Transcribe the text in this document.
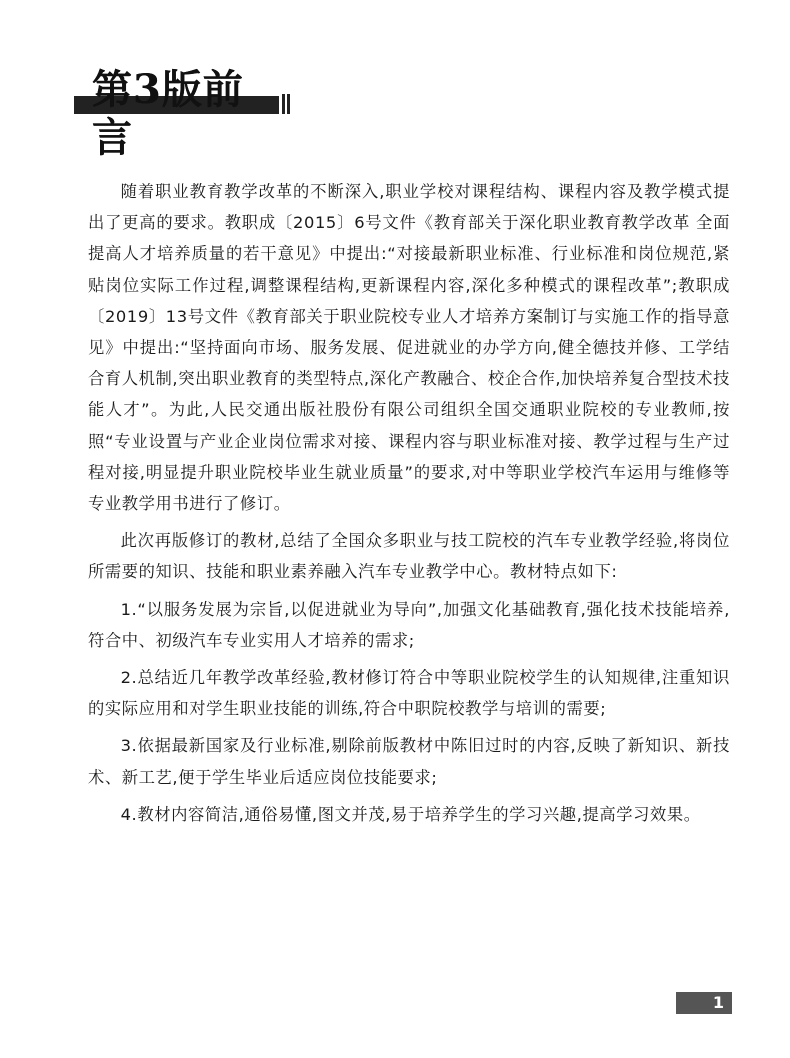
第3版前言

随着职业教育教学改革的不断深入,职业学校对课程结构、课程内容及教学模式提出了更高的要求。教职成〔2015〕6号文件《教育部关于深化职业教育教学改革 全面提高人才培养质量的若干意见》中提出:“对接最新职业标准、行业标准和岗位规范,紧贴岗位实际工作过程,调整课程结构,更新课程内容,深化多种模式的课程改革”;教职成〔2019〕13号文件《教育部关于职业院校专业人才培养方案制订与实施工作的指导意见》中提出:“坚持面向市场、服务发展、促进就业的办学方向,健全德技并修、工学结合育人机制,突出职业教育的类型特点,深化产教融合、校企合作,加快培养复合型技术技能人才”。为此,人民交通出版社股份有限公司组织全国交通职业院校的专业教师,按照“专业设置与产业企业岗位需求对接、课程内容与职业标准对接、教学过程与生产过程对接,明显提升职业院校毕业生就业质量”的要求,对中等职业学校汽车运用与维修等专业教学用书进行了修订。

此次再版修订的教材,总结了全国众多职业与技工院校的汽车专业教学经验,将岗位所需要的知识、技能和职业素养融入汽车专业教学中心。教材特点如下:

1.“以服务发展为宗旨,以促进就业为导向”,加强文化基础教育,强化技术技能培养,符合中、初级汽车专业实用人才培养的需求;

2.总结近几年教学改革经验,教材修订符合中等职业院校学生的认知规律,注重知识的实际应用和对学生职业技能的训练,符合中职院校教学与培训的需要;

3.依据最新国家及行业标准,剔除前版教材中陈旧过时的内容,反映了新知识、新技术、新工艺,便于学生毕业后适应岗位技能要求;

4.教材内容简洁,通俗易懂,图文并茂,易于培养学生的学习兴趣,提高学习效果。

1
